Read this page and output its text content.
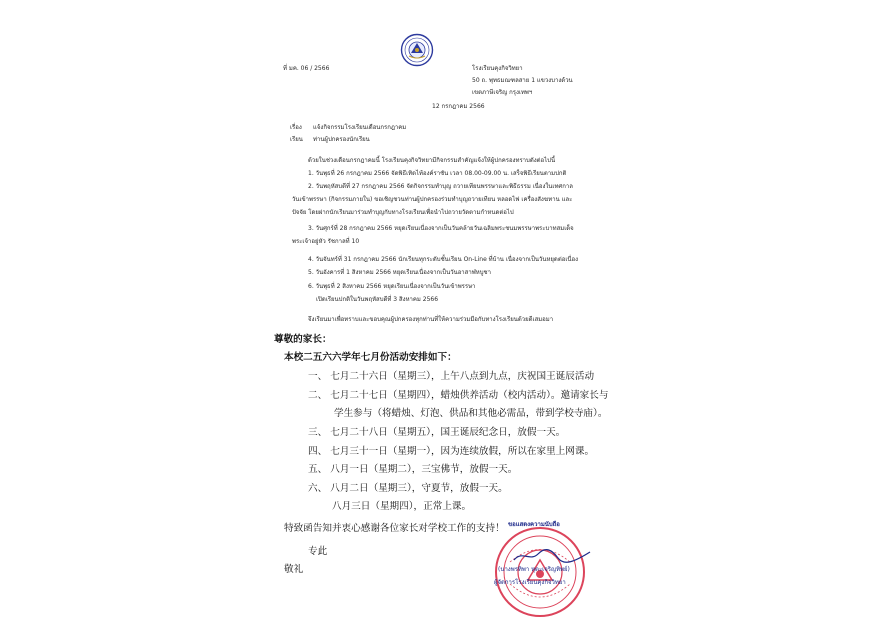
ที่ มค. 06 / 2566	โรงเรียนคุงกิจวิทยา
50 ถ. พุทธมณฑลสาย 1 แขวงบางด้วน
เขตภาษีเจริญ กรุงเทพฯ
12 กรกฎาคม 2566
เรื่อง แจ้งกิจกรรมโรงเรียนเดือนกรกฎาคม
เรียน ท่านผู้ปกครองนักเรียน
ด้วยในช่วงเดือนกรกฎาคมนี้ โรงเรียนคุงกิจวิทยามีกิจกรรมสำคัญแจ้งให้ผู้ปกครองทราบดังต่อไปนี้
1. วันพุธที่ 26 กรกฎาคม 2566 จัดพิธีเทิดไท้องค์ราชัน เวลา 08.00-09.00 น. เสร็จพิธีเรียนตามปกติ
2. วันพฤหัสบดีที่ 27 กรกฎาคม 2566 จัดกิจกรรมทำบุญ ถวายเทียนพรรษาและพิธีธรรม เนื่องในเทศกาล
วันเข้าพรรษา (กิจกรรมภายใน) ขอเชิญชวนท่านผู้ปกครองร่วมทำบุญถวายเทียน หลอดไฟ เครื่องสังฆทาน และ
ปัจจัย โดยฝากนักเรียนมาร่วมทำบุญกับทางโรงเรียนเพื่อนำไปถวายวัดตามกำหนดต่อไป
3. วันศุกร์ที่ 28 กรกฎาคม 2566 หยุดเรียนเนื่องจากเป็นวันคล้ายวันเฉลิมพระชนมพรรษาพระบาทสมเด็จ
พระเจ้าอยู่หัว รัชกาลที่ 10
4. วันจันทร์ที่ 31 กรกฎาคม 2566 นักเรียนทุกระดับชั้นเรียน On-Line ที่บ้าน เนื่องจากเป็นวันหยุดต่อเนื่อง
5. วันอังคารที่ 1 สิงหาคม 2566 หยุดเรียนเนื่องจากเป็นวันอาสาฬหบูชา
6. วันพุธที่ 2 สิงหาคม 2566 หยุดเรียนเนื่องจากเป็นวันเข้าพรรษา
เปิดเรียนปกติในวันพฤหัสบดีที่ 3 สิงหาคม 2566
จึงเรียนมาเพื่อทราบและขอบคุณผู้ปกครองทุกท่านที่ให้ความร่วมมือกับทางโรงเรียนด้วยดีเสมอมา
尊敬的家长：
本校二五六六学年七月份活动安排如下：
一、 七月二十六日（星期三），上午八点到九点，庆祝国王诞辰活动
二、 七月二十七日（星期四），蜡烛供养活动（校内活动）。邀请家长与
学生参与（将蜡烛、灯泡、供品和其他必需品，带到学校寺庙）。
三、 七月二十八日（星期五），国王诞辰纪念日，放假一天。
四、 七月三十一日（星期一），因为连续放假，所以在家里上网课。
五、 八月一日（星期二），三宝佛节，放假一天。
六、 八月二日（星期三），守夏节，放假一天。
八月三日（星期四），正常上课。
特致函告知并衷心感谢各位家长对学校工作的支持！
专此
敬礼
ขอแสดงความนับถือ
(นางพรทิพา หุตะเจริญทิพย์)
ผู้จัดการโรงเรียนคุงกิจวิทยา
